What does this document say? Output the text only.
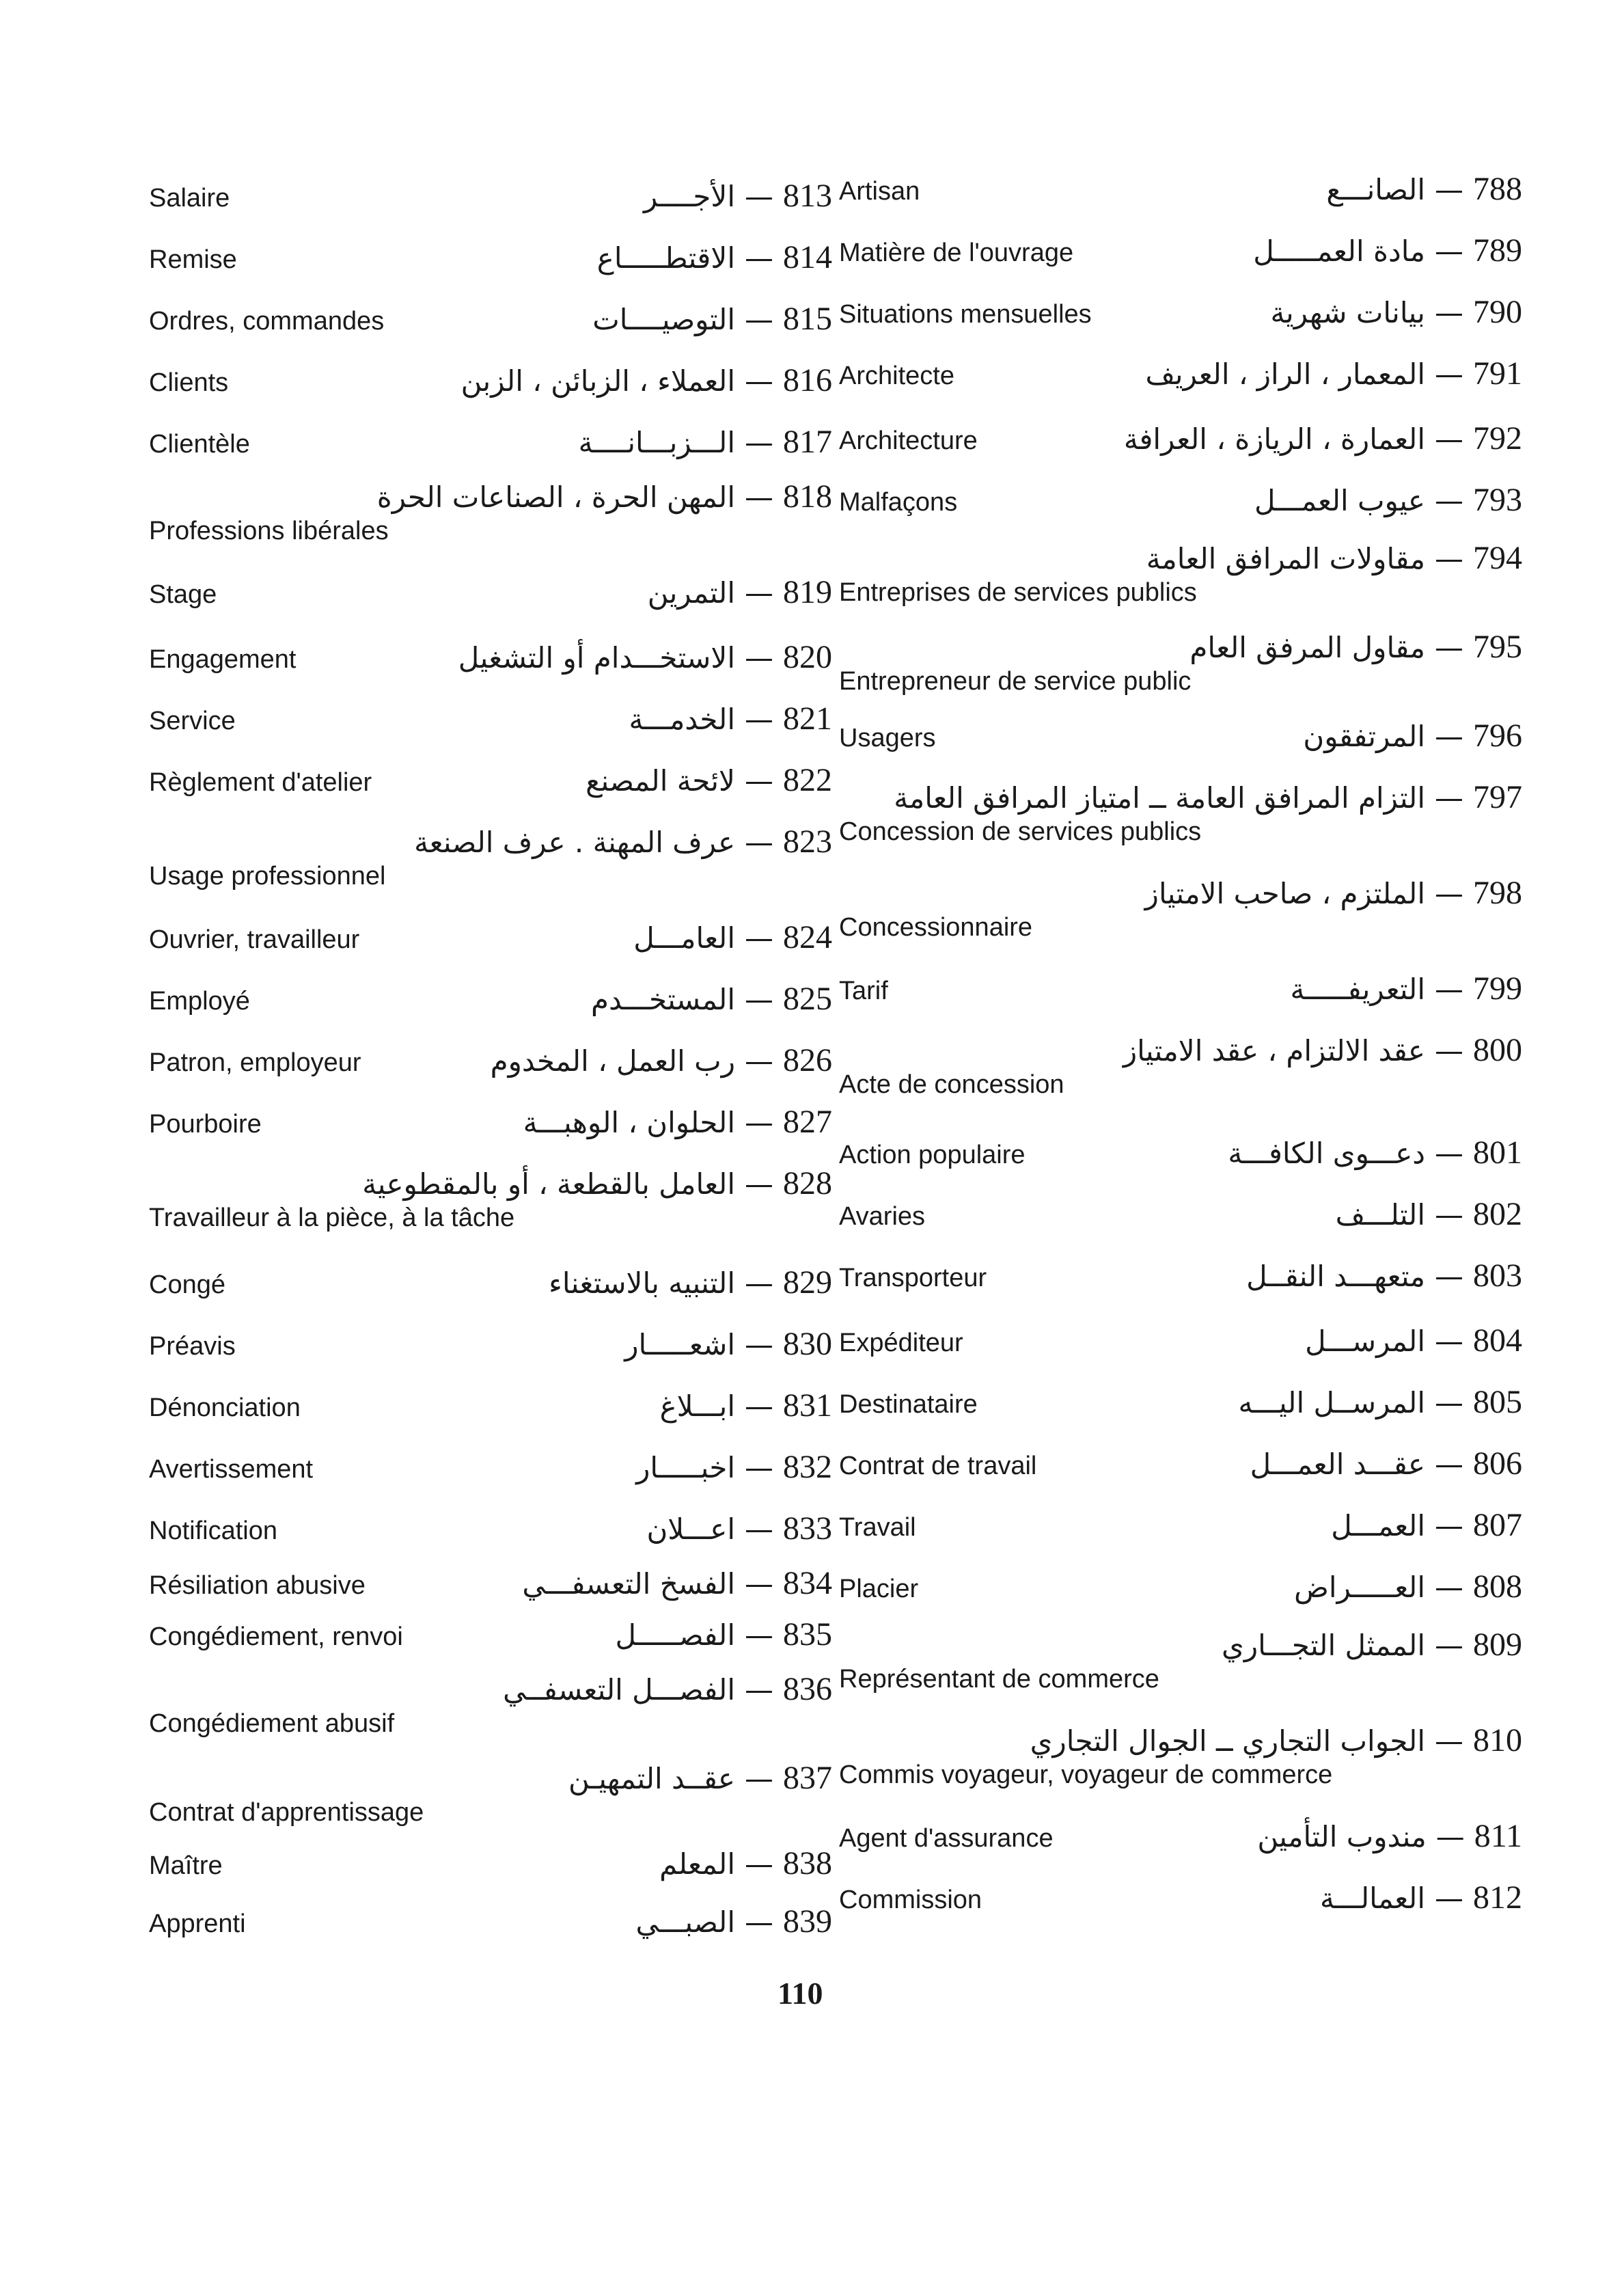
813—الأجــــر
Salaire
814—الاقتطـــــاع
Remise
815—التوصيــــات
Ordres, commandes
816—العملاء ، الزبائن ، الزبن
Clients
817—الـــزبـــانــــة
Clientèle
818—المهن الحرة ، الصناعات الحرة
Professions libérales
819—التمرين
Stage
820—الاستخـــدام أو التشغيل
Engagement
821—الخدمـــة
Service
822—لائحة المصنع
Règlement d'atelier
823—عرف المهنة . عرف الصنعة
Usage professionnel
824—العامـــل
Ouvrier, travailleur
825—المستخـــدم
Employé
826—رب العمل ، المخدوم
Patron, employeur
827—الحلوان ، الوهبـــة
Pourboire
828—العامل بالقطعة ، أو بالمقطوعية
Travailleur à la pièce, à la tâche
829—التنبيه بالاستغناء
Congé
830—اشعـــــار
Préavis
831—ابـــلاغ
Dénonciation
832—اخبـــــار
Avertissement
833—اعـــلان
Notification
834—الفسخ التعسفـــي
Résiliation abusive
835—الفصـــــل
Congédiement, renvoi
836—الفصـــل التعسفــي
Congédiement abusif
837—عقــد التمهيـن
Contrat d'apprentissage
838—المعلم
Maître
839—الصبـــي
Apprenti
788—الصانـــع
Artisan
789—مادة العمـــــل
Matière de l'ouvrage
790—بيانات شهرية
Situations mensuelles
791—المعمار ، الراز ، العريف
Architecte
792—العمارة ، الريازة ، العرافة
Architecture
793—عيوب العمـــل
Malfaçons
794—مقاولات المرافق العامة
Entreprises de services publics
795—مقاول المرفق العام
Entrepreneur de service public
796—المرتفقون
Usagers
797—التزام المرافق العامة ــ امتياز المرافق العامة
Concession de services publics
798—الملتزم ، صاحب الامتياز
Concessionnaire
799—التعريفـــــة
Tarif
800—عقد الالتزام ، عقد الامتياز
Acte de concession
801—دعـــوى الكافـــة
Action populaire
802—التلـــف
Avaries
803—متعهـــد النقــل
Transporteur
804—المرســـل
Expéditeur
805—المرســل اليـــه
Destinataire
806—عقـــد العمـــل
Contrat de travail
807—العمـــل
Travail
808—العـــــراض
Placier
809—الممثل التجـــاري
Représentant de commerce
810—الجواب التجاري ــ الجوال التجاري
Commis voyageur, voyageur de commerce
811—مندوب التأمين
Agent d'assurance
812—العمالـــة
Commission
110
